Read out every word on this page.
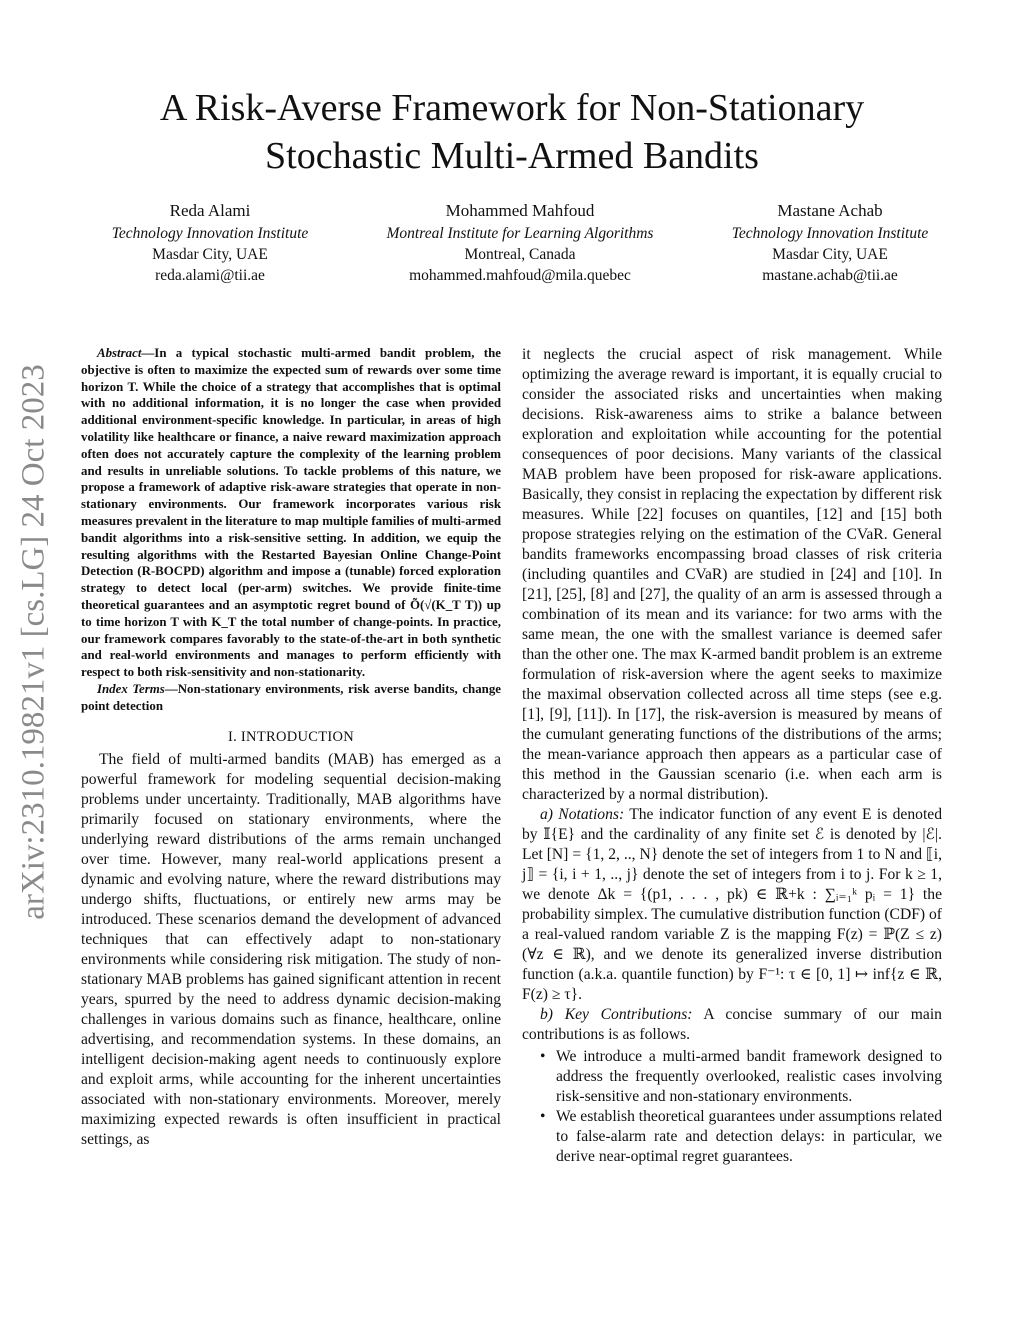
arXiv:2310.19821v1 [cs.LG] 24 Oct 2023
A Risk-Averse Framework for Non-Stationary
Stochastic Multi-Armed Bandits
Reda Alami
Technology Innovation Institute
Masdar City, UAE
reda.alami@tii.ae
Mohammed Mahfoud
Montreal Institute for Learning Algorithms
Montreal, Canada
mohammed.mahfoud@mila.quebec
Mastane Achab
Technology Innovation Institute
Masdar City, UAE
mastane.achab@tii.ae

Abstract—In a typical stochastic multi-armed bandit problem, the objective is often to maximize the expected sum of rewards over some time horizon T. While the choice of a strategy that accomplishes that is optimal with no additional information, it is no longer the case when provided additional environment-specific knowledge. In particular, in areas of high volatility like healthcare or finance, a naive reward maximization approach often does not accurately capture the complexity of the learning problem and results in unreliable solutions. To tackle problems of this nature, we propose a framework of adaptive risk-aware strategies that operate in non-stationary environments. Our framework incorporates various risk measures prevalent in the literature to map multiple families of multi-armed bandit algorithms into a risk-sensitive setting. In addition, we equip the resulting algorithms with the Restarted Bayesian Online Change-Point Detection (R-BOCPD) algorithm and impose a (tunable) forced exploration strategy to detect local (per-arm) switches. We provide finite-time theoretical guarantees and an asymptotic regret bound of Õ(√(K_T T)) up to time horizon T with K_T the total number of change-points. In practice, our framework compares favorably to the state-of-the-art in both synthetic and real-world environments and manages to perform efficiently with respect to both risk-sensitivity and non-stationarity.

Index Terms—Non-stationary environments, risk averse bandits, change point detection

I. INTRODUCTION

The field of multi-armed bandits (MAB) has emerged as a powerful framework for modeling sequential decision-making problems under uncertainty. Traditionally, MAB algorithms have primarily focused on stationary environments, where the underlying reward distributions of the arms remain unchanged over time. However, many real-world applications present a dynamic and evolving nature, where the reward distributions may undergo shifts, fluctuations, or entirely new arms may be introduced. These scenarios demand the development of advanced techniques that can effectively adapt to non-stationary environments while considering risk mitigation. The study of non-stationary MAB problems has gained significant attention in recent years, spurred by the need to address dynamic decision-making challenges in various domains such as finance, healthcare, online advertising, and recommendation systems. In these domains, an intelligent decision-making agent needs to continuously explore and exploit arms, while accounting for the inherent uncertainties associated with non-stationary environments. Moreover, merely maximizing expected rewards is often insufficient in practical settings, as

it neglects the crucial aspect of risk management. While optimizing the average reward is important, it is equally crucial to consider the associated risks and uncertainties when making decisions. Risk-awareness aims to strike a balance between exploration and exploitation while accounting for the potential consequences of poor decisions. Many variants of the classical MAB problem have been proposed for risk-aware applications. Basically, they consist in replacing the expectation by different risk measures. While [22] focuses on quantiles, [12] and [15] both propose strategies relying on the estimation of the CVaR. General bandits frameworks encompassing broad classes of risk criteria (including quantiles and CVaR) are studied in [24] and [10]. In [21], [25], [8] and [27], the quality of an arm is assessed through a combination of its mean and its variance: for two arms with the same mean, the one with the smallest variance is deemed safer than the other one. The max K-armed bandit problem is an extreme formulation of risk-aversion where the agent seeks to maximize the maximal observation collected across all time steps (see e.g. [1], [9], [11]). In [17], the risk-aversion is measured by means of the cumulant generating functions of the distributions of the arms; the mean-variance approach then appears as a particular case of this method in the Gaussian scenario (i.e. when each arm is characterized by a normal distribution).

a) Notations: The indicator function of any event E is denoted by 𝕀{E} and the cardinality of any finite set ℰ is denoted by |ℰ|. Let [N] = {1, 2, .., N} denote the set of integers from 1 to N and ⟦i, j⟧ = {i, i + 1, .., j} denote the set of integers from i to j. For k ≥ 1, we denote Δk = {(p1, . . . , pk) ∈ ℝ+k : ∑ᵢ₌₁ᵏ pᵢ = 1} the probability simplex. The cumulative distribution function (CDF) of a real-valued random variable Z is the mapping F(z) = ℙ(Z ≤ z) (∀z ∈ ℝ), and we denote its generalized inverse distribution function (a.k.a. quantile function) by F⁻¹: τ ∈ [0, 1] ↦ inf{z ∈ ℝ, F(z) ≥ τ}.

b) Key Contributions: A concise summary of our main contributions is as follows.

• We introduce a multi-armed bandit framework designed to address the frequently overlooked, realistic cases involving risk-sensitive and non-stationary environments.
• We establish theoretical guarantees under assumptions related to false-alarm rate and detection delays: in particular, we derive near-optimal regret guarantees.
